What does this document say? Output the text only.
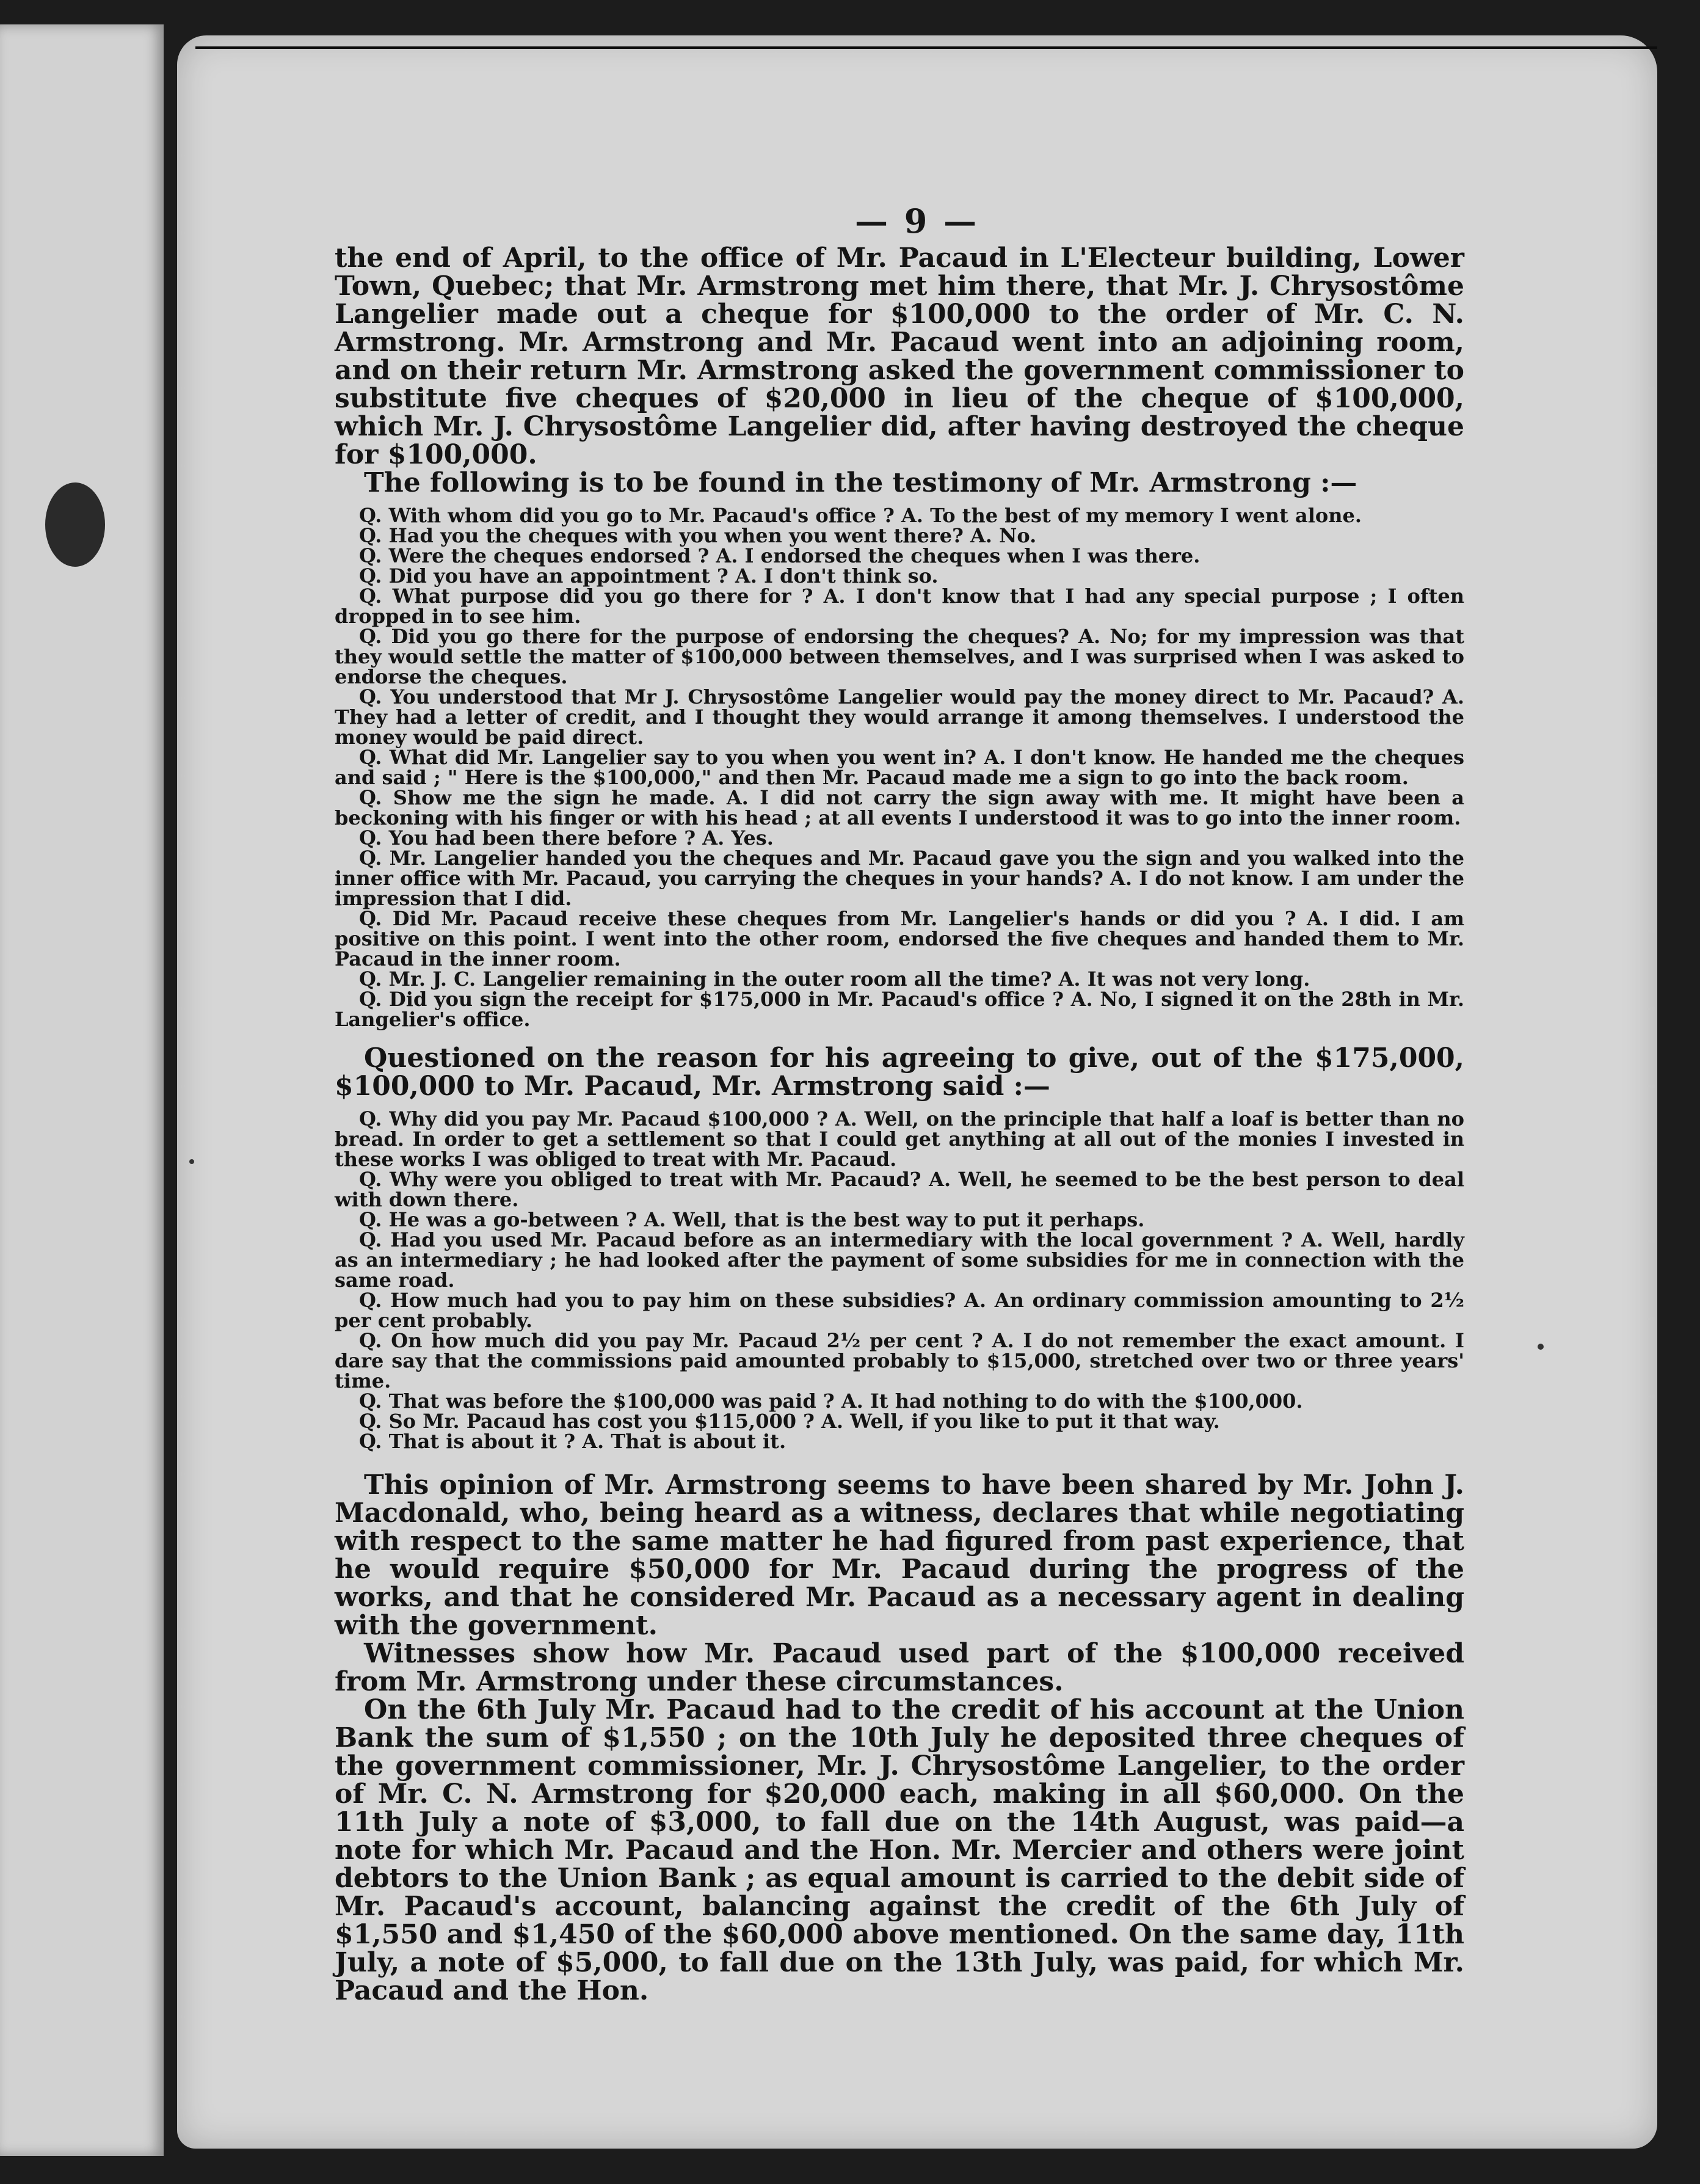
— 9 —

the end of April, to the office of Mr. Pacaud in L'Electeur building, Lower Town, Quebec; that Mr. Armstrong met him there, that Mr. J. Chrysostôme Langelier made out a cheque for $100,000 to the order of Mr. C. N. Armstrong. Mr. Armstrong and Mr. Pacaud went into an adjoining room, and on their return Mr. Armstrong asked the government commissioner to substitute five cheques of $20,000 in lieu of the cheque of $100,000, which Mr. J. Chrysostôme Langelier did, after having destroyed the cheque for $100,000.

The following is to be found in the testimony of Mr. Armstrong :—

Q. With whom did you go to Mr. Pacaud's office ? A. To the best of my memory I went alone.

Q. Had you the cheques with you when you went there? A. No.

Q. Were the cheques endorsed ? A. I endorsed the cheques when I was there.

Q. Did you have an appointment ? A. I don't think so.

Q. What purpose did you go there for ? A. I don't know that I had any special purpose ; I often dropped in to see him.

Q. Did you go there for the purpose of endorsing the cheques? A. No; for my impression was that they would settle the matter of $100,000 between themselves, and I was surprised when I was asked to endorse the cheques.

Q. You understood that Mr J. Chrysostôme Langelier would pay the money direct to Mr. Pacaud? A. They had a letter of credit, and I thought they would arrange it among themselves. I understood the money would be paid direct.

Q. What did Mr. Langelier say to you when you went in? A. I don't know. He handed me the cheques and said ; " Here is the $100,000," and then Mr. Pacaud made me a sign to go into the back room.

Q. Show me the sign he made. A. I did not carry the sign away with me. It might have been a beckoning with his finger or with his head ; at all events I understood it was to go into the inner room.

Q. You had been there before ? A. Yes.

Q. Mr. Langelier handed you the cheques and Mr. Pacaud gave you the sign and you walked into the inner office with Mr. Pacaud, you carrying the cheques in your hands? A. I do not know. I am under the impression that I did.

Q. Did Mr. Pacaud receive these cheques from Mr. Langelier's hands or did you ? A. I did. I am positive on this point. I went into the other room, endorsed the five cheques and handed them to Mr. Pacaud in the inner room.

Q. Mr. J. C. Langelier remaining in the outer room all the time? A. It was not very long.

Q. Did you sign the receipt for $175,000 in Mr. Pacaud's office ? A. No, I signed it on the 28th in Mr. Langelier's office.

Questioned on the reason for his agreeing to give, out of the $175,000, $100,000 to Mr. Pacaud, Mr. Armstrong said :—

Q. Why did you pay Mr. Pacaud $100,000 ? A. Well, on the principle that half a loaf is better than no bread. In order to get a settlement so that I could get anything at all out of the monies I invested in these works I was obliged to treat with Mr. Pacaud.

Q. Why were you obliged to treat with Mr. Pacaud? A. Well, he seemed to be the best person to deal with down there.

Q. He was a go-between ? A. Well, that is the best way to put it perhaps.

Q. Had you used Mr. Pacaud before as an intermediary with the local government ? A. Well, hardly as an intermediary ; he had looked after the payment of some subsidies for me in connection with the same road.

Q. How much had you to pay him on these subsidies? A. An ordinary commission amounting to 2½ per cent probably.

Q. On how much did you pay Mr. Pacaud 2½ per cent ? A. I do not remember the exact amount. I dare say that the commissions paid amounted probably to $15,000, stretched over two or three years' time.

Q. That was before the $100,000 was paid ? A. It had nothing to do with the $100,000.

Q. So Mr. Pacaud has cost you $115,000 ? A. Well, if you like to put it that way.

Q. That is about it ? A. That is about it.

This opinion of Mr. Armstrong seems to have been shared by Mr. John J. Macdonald, who, being heard as a witness, declares that while negotiating with respect to the same matter he had figured from past experience, that he would require $50,000 for Mr. Pacaud during the progress of the works, and that he considered Mr. Pacaud as a necessary agent in dealing with the government.

Witnesses show how Mr. Pacaud used part of the $100,000 received from Mr. Armstrong under these circumstances.

On the 6th July Mr. Pacaud had to the credit of his account at the Union Bank the sum of $1,550 ; on the 10th July he deposited three cheques of the government commissioner, Mr. J. Chrysostôme Langelier, to the order of Mr. C. N. Armstrong for $20,000 each, making in all $60,000. On the 11th July a note of $3,000, to fall due on the 14th August, was paid—a note for which Mr. Pacaud and the Hon. Mr. Mercier and others were joint debtors to the Union Bank ; as equal amount is carried to the debit side of Mr. Pacaud's account, balancing against the credit of the 6th July of $1,550 and $1,450 of the $60,000 above mentioned. On the same day, 11th July, a note of $5,000, to fall due on the 13th July, was paid, for which Mr. Pacaud and the Hon.
